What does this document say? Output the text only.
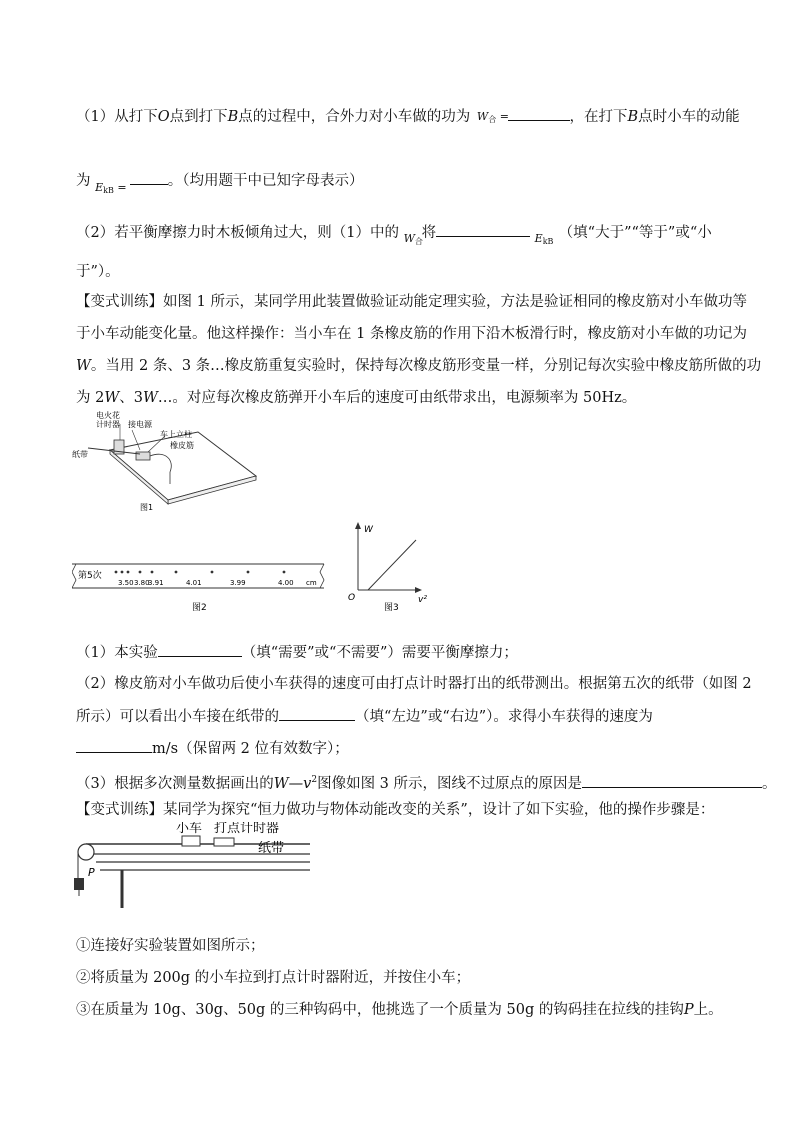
（1）从打下O点到打下B点的过程中，合外力对小车做的功为 $W_合$ =	，在打下B点时小车的动能
为 $E_{kB}$ =	。（均用题干中已知字母表示）
（2）若平衡摩擦力时木板倾角过大，则（1）中的 $W_合$
将	$E_{kB}$
（填“大于”“等于”或“小
于”）。
【变式训练】如图 1 所示，某同学用此装置做验证动能定理实验，方法是验证相同的橡皮筋对小车做功等
于小车动能变化量。他这样操作：当小车在 1 条橡皮筋的作用下沿木板滑行时，橡皮筋对小车做的功记为
W。当用 2 条、3 条…橡皮筋重复实验时，保持每次橡皮筋形变量一样，分别记每次实验中橡皮筋所做的功
为 2W、3W…。对应每次橡皮筋弹开小车后的速度可由纸带求出，电源频率为 50Hz。
电火花
计时器 接电源
车上立柱
橡皮筋
纸带
图1
第5次
3.50 3.80
3.91	4.01	3.99	4.00 cm
图2
W
O	v²
图3
（1）本实验	（填“需要”或“不需要”）需要平衡摩擦力；
（2）橡皮筋对小车做功后使小车获得的速度可由打点计时器打出的纸带测出。根据第五次的纸带（如图 2
所示）可以看出小车接在纸带的	（填“左边”或“右边”）。求得小车获得的速度为
m/s（保留两 2 位有效数字）；
（3）根据多次测量数据画出的$W—v^2$图像如图 3 所示，图线不过原点的原因是	。
【变式训练】某同学为探究“恒力做功与物体动能改变的关系”，设计了如下实验，他的操作步骤是：
小车 打点计时器
纸带
P
①连接好实验装置如图所示；
②将质量为 200g 的小车拉到打点计时器附近，并按住小车；
③在质量为 10g、30g、50g 的三种钩码中，他挑选了一个质量为 50g 的钩码挂在拉线的挂钩P上。
